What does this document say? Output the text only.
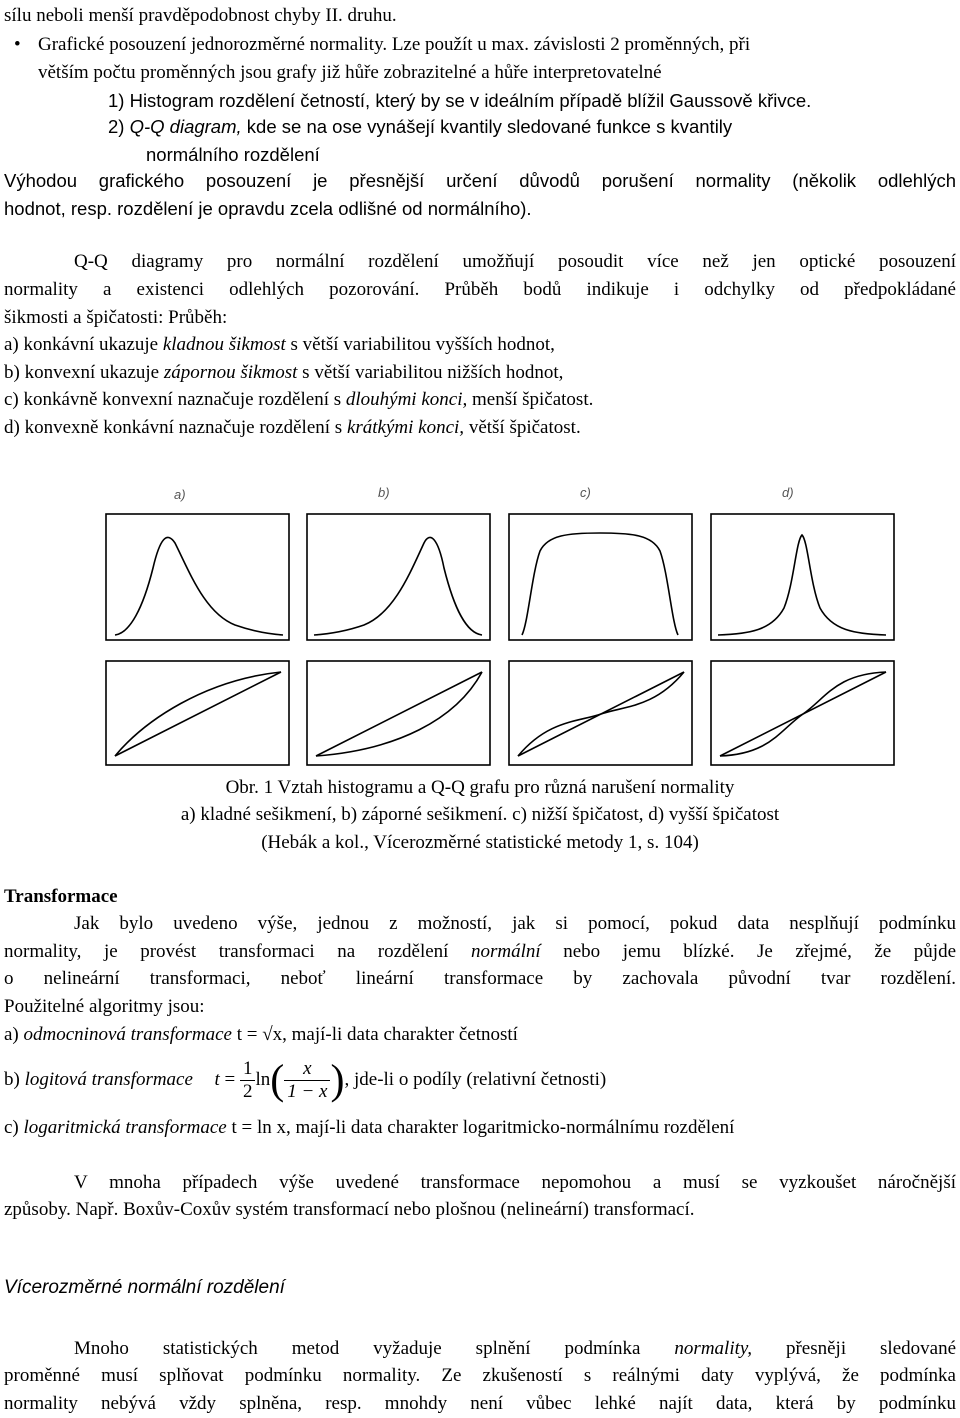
sílu neboli menší pravděpodobnost chyby II. druhu.
• Grafické posouzení jednorozměrné normality. Lze použít u max. závislosti 2 proměnných, při
větším počtu proměnných jsou grafy již hůře zobrazitelné a hůře interpretovatelné
1) Histogram rozdělení četností, který by se v ideálním případě blížil Gaussově křivce.
2) Q-Q diagram, kde se na ose vynášejí kvantily sledované funkce s kvantily
normálního rozdělení
Výhodou grafického posouzení je přesnější určení důvodů porušení normality (několik odlehlých
hodnot, resp. rozdělení je opravdu zcela odlišné od normálního).
Q-Q diagramy pro normální rozdělení umožňují posoudit více než jen optické posouzení
normality a existenci odlehlých pozorování. Průběh bodů indikuje i odchylky od předpokládané
šikmosti a špičatosti: Průběh:
a) konkávní ukazuje kladnou šikmost s větší variabilitou vyšších hodnot,
b) konvexní ukazuje zápornou šikmost s větší variabilitou nižších hodnot,
c) konkávně konvexní naznačuje rozdělení s dlouhými konci, menší špičatost.
d) konvexně konkávní naznačuje rozdělení s krátkými konci, větší špičatost.
a)	b)	c)	d)
Obr. 1 Vztah histogramu a Q-Q grafu pro různá narušení normality
a) kladné sešikmení, b) záporné sešikmení. c) nižší špičatost, d) vyšší špičatost
(Hebák a kol., Vícerozměrné statistické metody 1, s. 104)
Transformace
Jak bylo uvedeno výše, jednou z možností, jak si pomocí, pokud data nesplňují podmínku
normality, je provést transformaci na rozdělení normální nebo jemu blízké. Je zřejmé, že půjde
o nelineární transformaci, neboť lineární transformace by zachovala původní tvar rozdělení.
Použitelné algoritmy jsou:
a) odmocninová transformace t = √x, mají-li data charakter četností
b) logitová transformace $t = \frac{1}{2} \ln( \frac{x}{1 - x}$ ), jde-li o podíly (relativní četnosti)
c) logaritmická transformace t = ln x, mají-li data charakter logaritmicko-normálnímu rozdělení
V mnoha případech výše uvedené transformace nepomohou a musí se vyzkoušet náročnější
způsoby. Např. Boxův-Coxův systém transformací nebo plošnou (nelineární) transformací.
Vícerozměrné normální rozdělení
Mnoho statistických metod vyžaduje splnění podmínka normality, přesněji sledované
proměnné musí splňovat podmínku normality. Ze zkušeností s reálnými daty vyplývá, že podmínka
normality nebývá vždy splněna, resp. mnohdy není vůbec lehké najít data, která by podmínku
